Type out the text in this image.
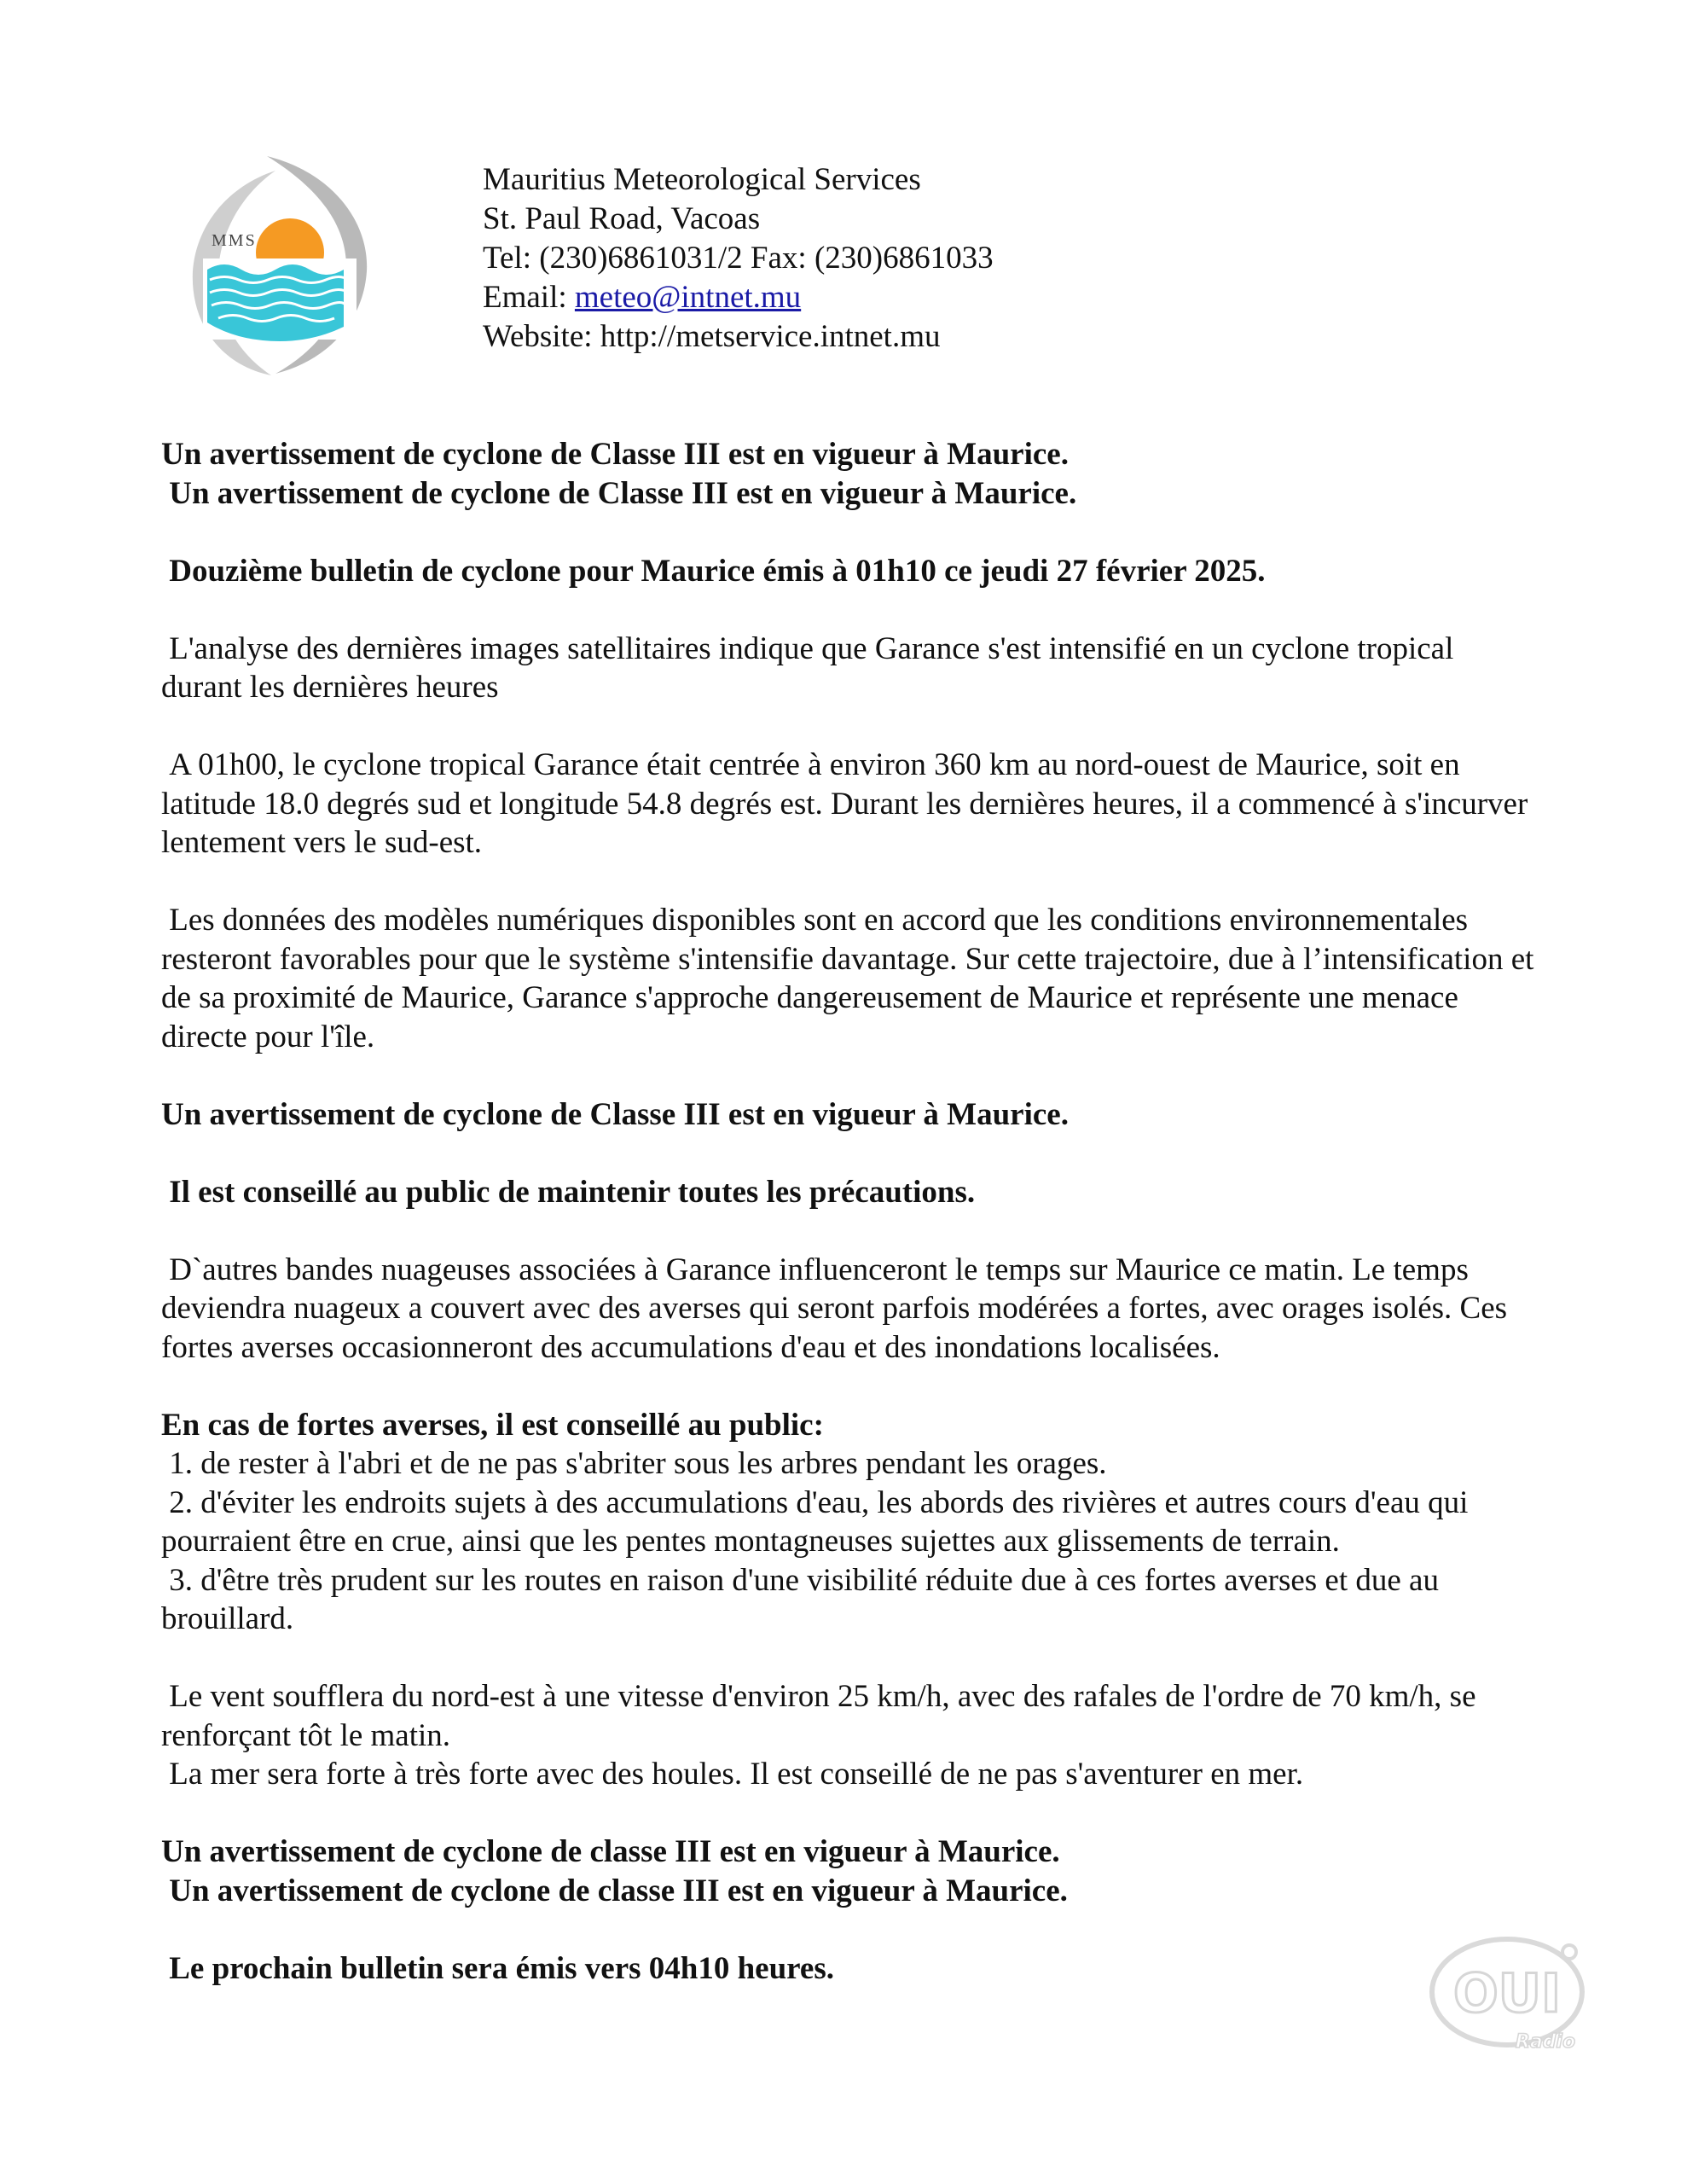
MMS
Mauritius Meteorological Services
St. Paul Road, Vacoas
Tel: (230)6861031/2 Fax: (230)6861033
Email: meteo@intnet.mu
Website: http://metservice.intnet.mu

Un avertissement de cyclone de Classe III est en vigueur à Maurice.

Un avertissement de cyclone de Classe III est en vigueur à Maurice.

Douzième bulletin de cyclone pour Maurice émis à 01h10 ce jeudi 27 février 2025.

L'analyse des dernières images satellitaires indique que Garance s'est intensifié en un cyclone tropical durant les dernières heures

A 01h00, le cyclone tropical Garance était centrée à environ 360 km au nord-ouest de Maurice, soit en latitude 18.0 degrés sud et longitude 54.8 degrés est. Durant les dernières heures, il a commencé à s'incurver lentement vers le sud-est.

Les données des modèles numériques disponibles sont en accord que les conditions environnementales resteront favorables pour que le système s'intensifie davantage. Sur cette trajectoire, due à l’intensification et de sa proximité de Maurice, Garance s'approche dangereusement de Maurice et représente une menace directe pour l'île.

Un avertissement de cyclone de Classe III est en vigueur à Maurice.

Il est conseillé au public de maintenir toutes les précautions.

D`autres bandes nuageuses associées à Garance influenceront le temps sur Maurice ce matin. Le temps deviendra nuageux a couvert avec des averses qui seront parfois modérées a fortes, avec orages isolés. Ces fortes averses occasionneront des accumulations d'eau et des inondations localisées.

En cas de fortes averses, il est conseillé au public:

1. de rester à l'abri et de ne pas s'abriter sous les arbres pendant les orages.

2. d'éviter les endroits sujets à des accumulations d'eau, les abords des rivières et autres cours d'eau qui pourraient être en crue, ainsi que les pentes montagneuses sujettes aux glissements de terrain.

3. d'être très prudent sur les routes en raison d'une visibilité réduite due à ces fortes averses et due au brouillard.

Le vent soufflera du nord-est à une vitesse d'environ 25 km/h, avec des rafales de l'ordre de 70 km/h, se renforçant tôt le matin.

La mer sera forte à très forte avec des houles. Il est conseillé de ne pas s'aventurer en mer.

Un avertissement de cyclone de classe III est en vigueur à Maurice.

Un avertissement de cyclone de classe III est en vigueur à Maurice.

Le prochain bulletin sera émis vers 04h10 heures.	OUI
Radio
